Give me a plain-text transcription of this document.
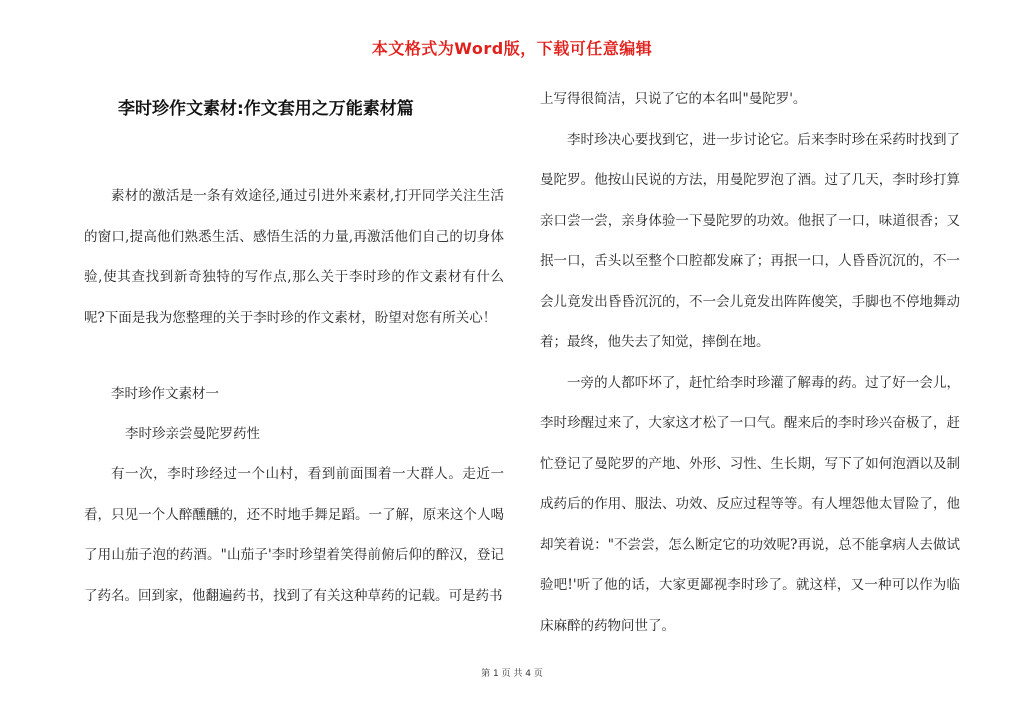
本文格式为Word版，下载可任意编辑
李时珍作文素材:作文套用之万能素材篇

素材的激活是一条有效途径,通过引进外来素材,打开同学关注生活的窗口,提高他们熟悉生活、感悟生活的力量,再激活他们自己的切身体验,使其查找到新奇独特的写作点,那么关于李时珍的作文素材有什么呢?下面是我为您整理的关于李时珍的作文素材，盼望对您有所关心！

李时珍作文素材一

李时珍亲尝曼陀罗药性

有一次，李时珍经过一个山村，看到前面围着一大群人。走近一看，只见一个人醉醺醺的，还不时地手舞足蹈。一了解，原来这个人喝了用山茄子泡的药酒。"山茄子'李时珍望着笑得前俯后仰的醉汉，登记了药名。回到家，他翻遍药书，找到了有关这种草药的记载。可是药书

上写得很简洁，只说了它的本名叫"曼陀罗'。

李时珍决心要找到它，进一步讨论它。后来李时珍在采药时找到了曼陀罗。他按山民说的方法，用曼陀罗泡了酒。过了几天，李时珍打算亲口尝一尝，亲身体验一下曼陀罗的功效。他抿了一口，味道很香；又抿一口，舌头以至整个口腔都发麻了；再抿一口，人昏昏沉沉的，不一会儿竟发出昏昏沉沉的，不一会儿竟发出阵阵傻笑，手脚也不停地舞动着；最终，他失去了知觉，摔倒在地。

一旁的人都吓坏了，赶忙给李时珍灌了解毒的药。过了好一会儿，李时珍醒过来了，大家这才松了一口气。醒来后的李时珍兴奋极了，赶忙登记了曼陀罗的产地、外形、习性、生长期，写下了如何泡酒以及制成药后的作用、服法、功效、反应过程等等。有人埋怨他太冒险了，他却笑着说："不尝尝，怎么断定它的功效呢?再说，总不能拿病人去做试验吧!'听了他的话，大家更鄙视李时珍了。就这样，又一种可以作为临床麻醉的药物问世了。

第 1 页 共 4 页
